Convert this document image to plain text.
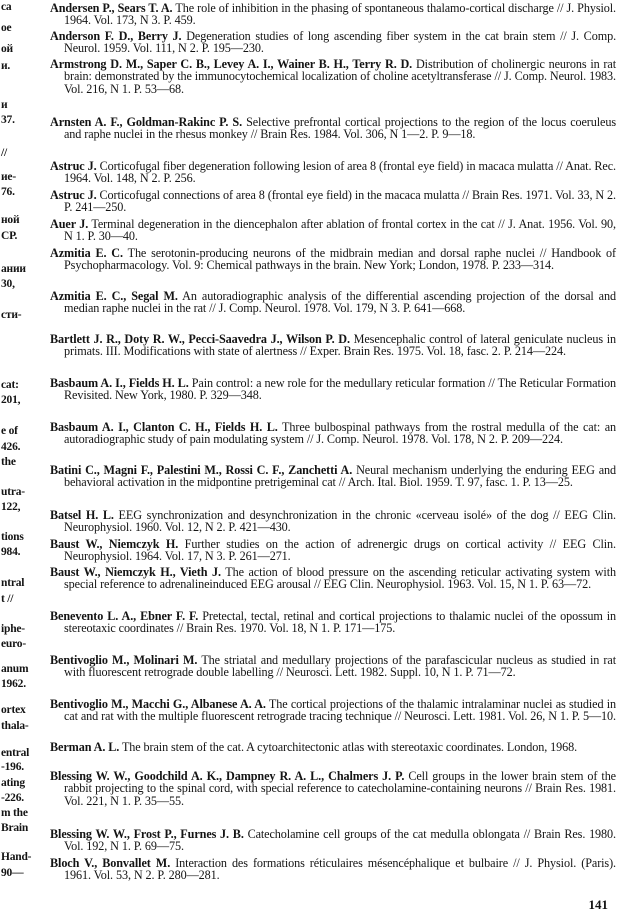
ca
ое
ой
и.
и
37.
//
ие-
76.
ной
СР.
ании
30,
сти-
cat:
201,
e of
426.
the
utra-
122,
tions
984.
ntral
t //
iphe-
euro-
anum
1962.
ortex
thala-
entral
-196.
ating
-226.
m the
Brain
Hand-
90—
Andersen P., Sears T. A. The role of inhibition in the phasing of spontaneous thalamo-cortical discharge // J. Physiol. 1964. Vol. 173, N 3. P. 459.
Anderson F. D., Berry J. Degeneration studies of long ascending fiber system in the cat brain stem // J. Comp. Neurol. 1959. Vol. 111, N 2. P. 195—230.
Armstrong D. M., Saper C. B., Levey A. I., Wainer B. H., Terry R. D. Distribution of cholinergic neurons in rat brain: demonstrated by the immunocytochemical localization of choline acetyltransferase // J. Comp. Neurol. 1983. Vol. 216, N 1. P. 53—68.
Arnsten A. F., Goldman-Rakinc P. S. Selective prefrontal cortical projections to the region of the locus coeruleus and raphe nuclei in the rhesus monkey // Brain Res. 1984. Vol. 306, N 1—2. P. 9—18.
Astruc J. Corticofugal fiber degeneration following lesion of area 8 (frontal eye field) in macaca mulatta // Anat. Rec. 1964. Vol. 148, N 2. P. 256.
Astruc J. Corticofugal connections of area 8 (frontal eye field) in the macaca mulatta // Brain Res. 1971. Vol. 33, N 2. P. 241—250.
Auer J. Terminal degeneration in the diencephalon after ablation of frontal cortex in the cat // J. Anat. 1956. Vol. 90, N 1. P. 30—40.
Azmitia E. C. The serotonin-producing neurons of the midbrain median and dorsal raphe nuclei // Handbook of Psychopharmacology. Vol. 9: Chemical pathways in the brain. New York; London, 1978. P. 233—314.
Azmitia E. C., Segal M. An autoradiographic analysis of the differential ascending projection of the dorsal and median raphe nuclei in the rat // J. Comp. Neurol. 1978. Vol. 179, N 3. P. 641—668.
Bartlett J. R., Doty R. W., Pecci-Saavedra J., Wilson P. D. Mesencephalic control of lateral geniculate nucleus in primats. III. Modifications with state of alertness // Exper. Brain Res. 1975. Vol. 18, fasc. 2. P. 214—224.
Basbaum A. I., Fields H. L. Pain control: a new role for the medullary reticular formation // The Reticular Formation Revisited. New York, 1980. P. 329—348.
Basbaum A. I., Clanton C. H., Fields H. L. Three bulbospinal pathways from the rostral medulla of the cat: an autoradiographic study of pain modulating system // J. Comp. Neurol. 1978. Vol. 178, N 2. P. 209—224.
Batini C., Magni F., Palestini M., Rossi C. F., Zanchetti A. Neural mechanism underlying the enduring EEG and behavioral activation in the midpontine pretrigeminal cat // Arch. Ital. Biol. 1959. T. 97, fasc. 1. P. 13—25.
Batsel H. L. EEG synchronization and desynchronization in the chronic «cerveau isolé» of the dog // EEG Clin. Neurophysiol. 1960. Vol. 12, N 2. P. 421—430.
Baust W., Niemczyk H. Further studies on the action of adrenergic drugs on cortical activity // EEG Clin. Neurophysiol. 1964. Vol. 17, N 3. P. 261—271.
Baust W., Niemczyk H., Vieth J. The action of blood pressure on the ascending reticular activating system with special reference to adrenalineinduced EEG arousal // EEG Clin. Neurophysiol. 1963. Vol. 15, N 1. P. 63—72.
Benevento L. A., Ebner F. F. Pretectal, tectal, retinal and cortical projections to thalamic nuclei of the opossum in stereotaxic coordinates // Brain Res. 1970. Vol. 18, N 1. P. 171—175.
Bentivoglio M., Molinari M. The striatal and medullary projections of the parafascicular nucleus as studied in rat with fluorescent retrograde double labelling // Neurosci. Lett. 1982. Suppl. 10, N 1. P. 71—72.
Bentivoglio M., Macchi G., Albanese A. A. The cortical projections of the thalamic intralaminar nuclei as studied in cat and rat with the multiple fluorescent retrograde tracing technique // Neurosci. Lett. 1981. Vol. 26, N 1. P. 5—10.
Berman A. L. The brain stem of the cat. A cytoarchitectonic atlas with stereotaxic coordinates. London, 1968.
Blessing W. W., Goodchild A. K., Dampney R. A. L., Chalmers J. P. Cell groups in the lower brain stem of the rabbit projecting to the spinal cord, with special reference to catecholamine-containing neurons // Brain Res. 1981. Vol. 221, N 1. P. 35—55.
Blessing W. W., Frost P., Furnes J. B. Catecholamine cell groups of the cat medulla oblongata // Brain Res. 1980. Vol. 192, N 1. P. 69—75.
Bloch V., Bonvallet M. Interaction des formations réticulaires mésencéphalique et bulbaire // J. Physiol. (Paris). 1961. Vol. 53, N 2. P. 280—281.
141
